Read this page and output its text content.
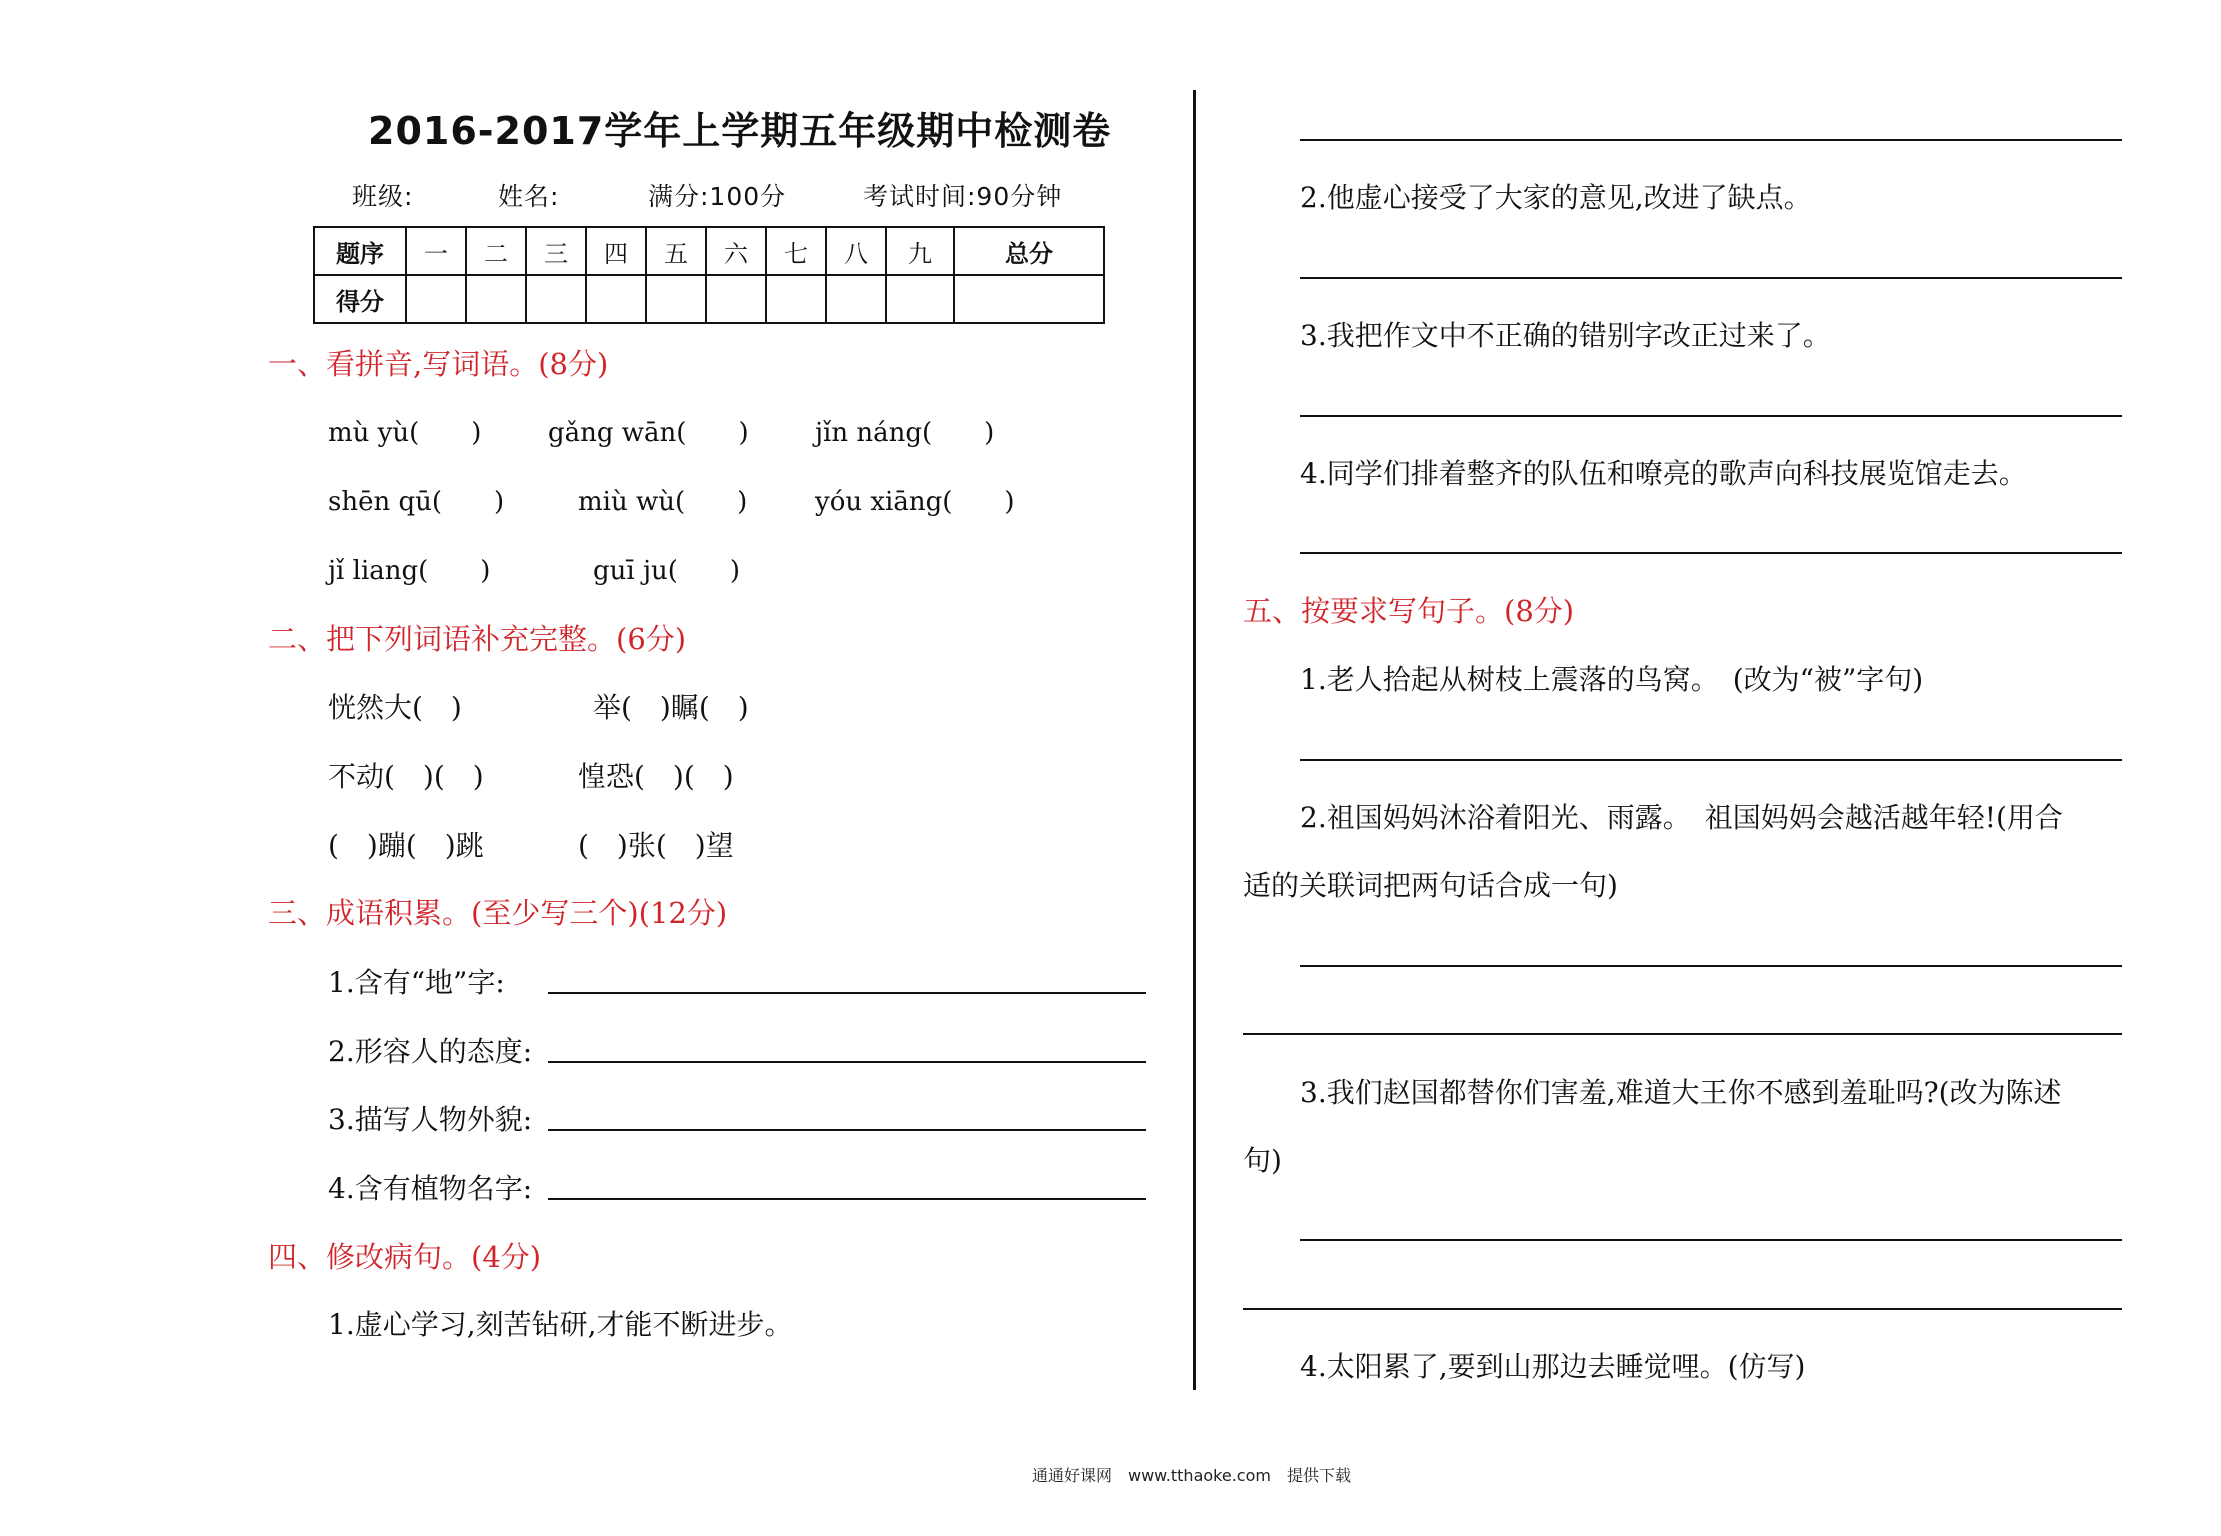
2016-2017学年上学期五年级期中检测卷
班级:	姓名:	满分:100分	考试时间:90分钟
题序	一	二	三	四	五	六	七	八	九	总分
得分										
一、看拼音,写词语。(8分)
mù yù(　　)	gǎng wān(　　)	jǐn náng(　　)
shēn qū(　　)	miù wù(　　)	yóu xiāng(　　)
jǐ liang(　　)	guī ju(　　)
二、把下列词语补充完整。(6分)
恍然大(　)	举(　)瞩(　)
不动(　)(　)	惶恐(　)(　)
(　)蹦(　)跳	(　)张(　)望
三、成语积累。(至少写三个)(12分)
1.含有“地”字:
2.形容人的态度:
3.描写人物外貌:
4.含有植物名字:
四、修改病句。(4分)
1.虚心学习,刻苦钻研,才能不断进步。
2.他虚心接受了大家的意见,改进了缺点。
3.我把作文中不正确的错别字改正过来了。
4.同学们排着整齐的队伍和嘹亮的歌声向科技展览馆走去。
五、按要求写句子。(8分)
1.老人拾起从树枝上震落的鸟窝。　(改为“被”字句)
2.祖国妈妈沐浴着阳光、雨露。　祖国妈妈会越活越年轻!(用合
适的关联词把两句话合成一句)
3.我们赵国都替你们害羞,难道大王你不感到羞耻吗?(改为陈述
句)
4.太阳累了,要到山那边去睡觉哩。(仿写)
通通好课网　www.tthaoke.com　提供下载
